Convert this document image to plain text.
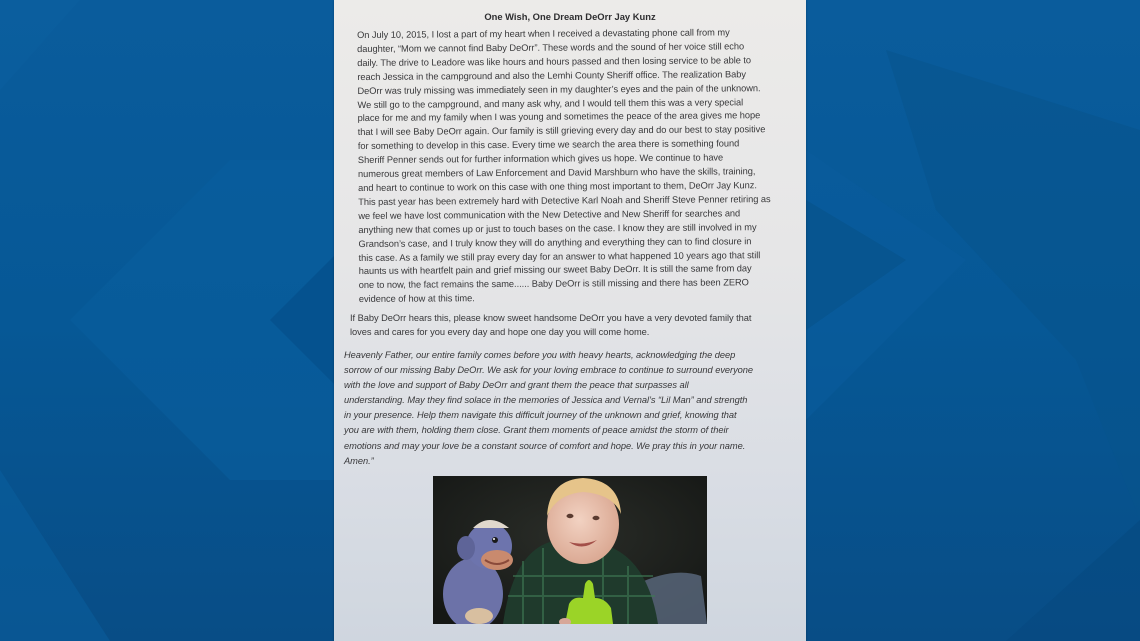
One Wish, One Dream DeOrr Jay Kunz
On July 10, 2015, I lost a part of my heart when I received a devastating phone call from my
daughter, “Mom we cannot find Baby DeOrr”. These words and the sound of her voice still echo
daily. The drive to Leadore was like hours and hours passed and then losing service to be able to
reach Jessica in the campground and also the Lemhi County Sheriff office. The realization Baby
DeOrr was truly missing was immediately seen in my daughter’s eyes and the pain of the unknown.
We still go to the campground, and many ask why, and I would tell them this was a very special
place for me and my family when I was young and sometimes the peace of the area gives me hope
that I will see Baby DeOrr again. Our family is still grieving every day and do our best to stay positive
for something to develop in this case. Every time we search the area there is something found
Sheriff Penner sends out for further information which gives us hope. We continue to have
numerous great members of Law Enforcement and David Marshburn who have the skills, training,
and heart to continue to work on this case with one thing most important to them, DeOrr Jay Kunz.
This past year has been extremely hard with Detective Karl Noah and Sheriff Steve Penner retiring as
we feel we have lost communication with the New Detective and New Sheriff for searches and
anything new that comes up or just to touch bases on the case. I know they are still involved in my
Grandson’s case, and I truly know they will do anything and everything they can to find closure in
this case. As a family we still pray every day for an answer to what happened 10 years ago that still
haunts us with heartfelt pain and grief missing our sweet Baby DeOrr. It is still the same from day
one to now, the fact remains the same...... Baby DeOrr is still missing and there has been ZERO
evidence of how at this time.
If Baby DeOrr hears this, please know sweet handsome DeOrr you have a very devoted family that
loves and cares for you every day and hope one day you will come home.
Heavenly Father, our entire family comes before you with heavy hearts, acknowledging the deep
sorrow of our missing Baby DeOrr. We ask for your loving embrace to continue to surround everyone
with the love and support of Baby DeOrr and grant them the peace that surpasses all
understanding. May they find solace in the memories of Jessica and Vernal’s “Lil Man” and strength
in your presence. Help them navigate this difficult journey of the unknown and grief, knowing that
you are with them, holding them close. Grant them moments of peace amidst the storm of their
emotions and may your love be a constant source of comfort and hope. We pray this in your name.
Amen.”
